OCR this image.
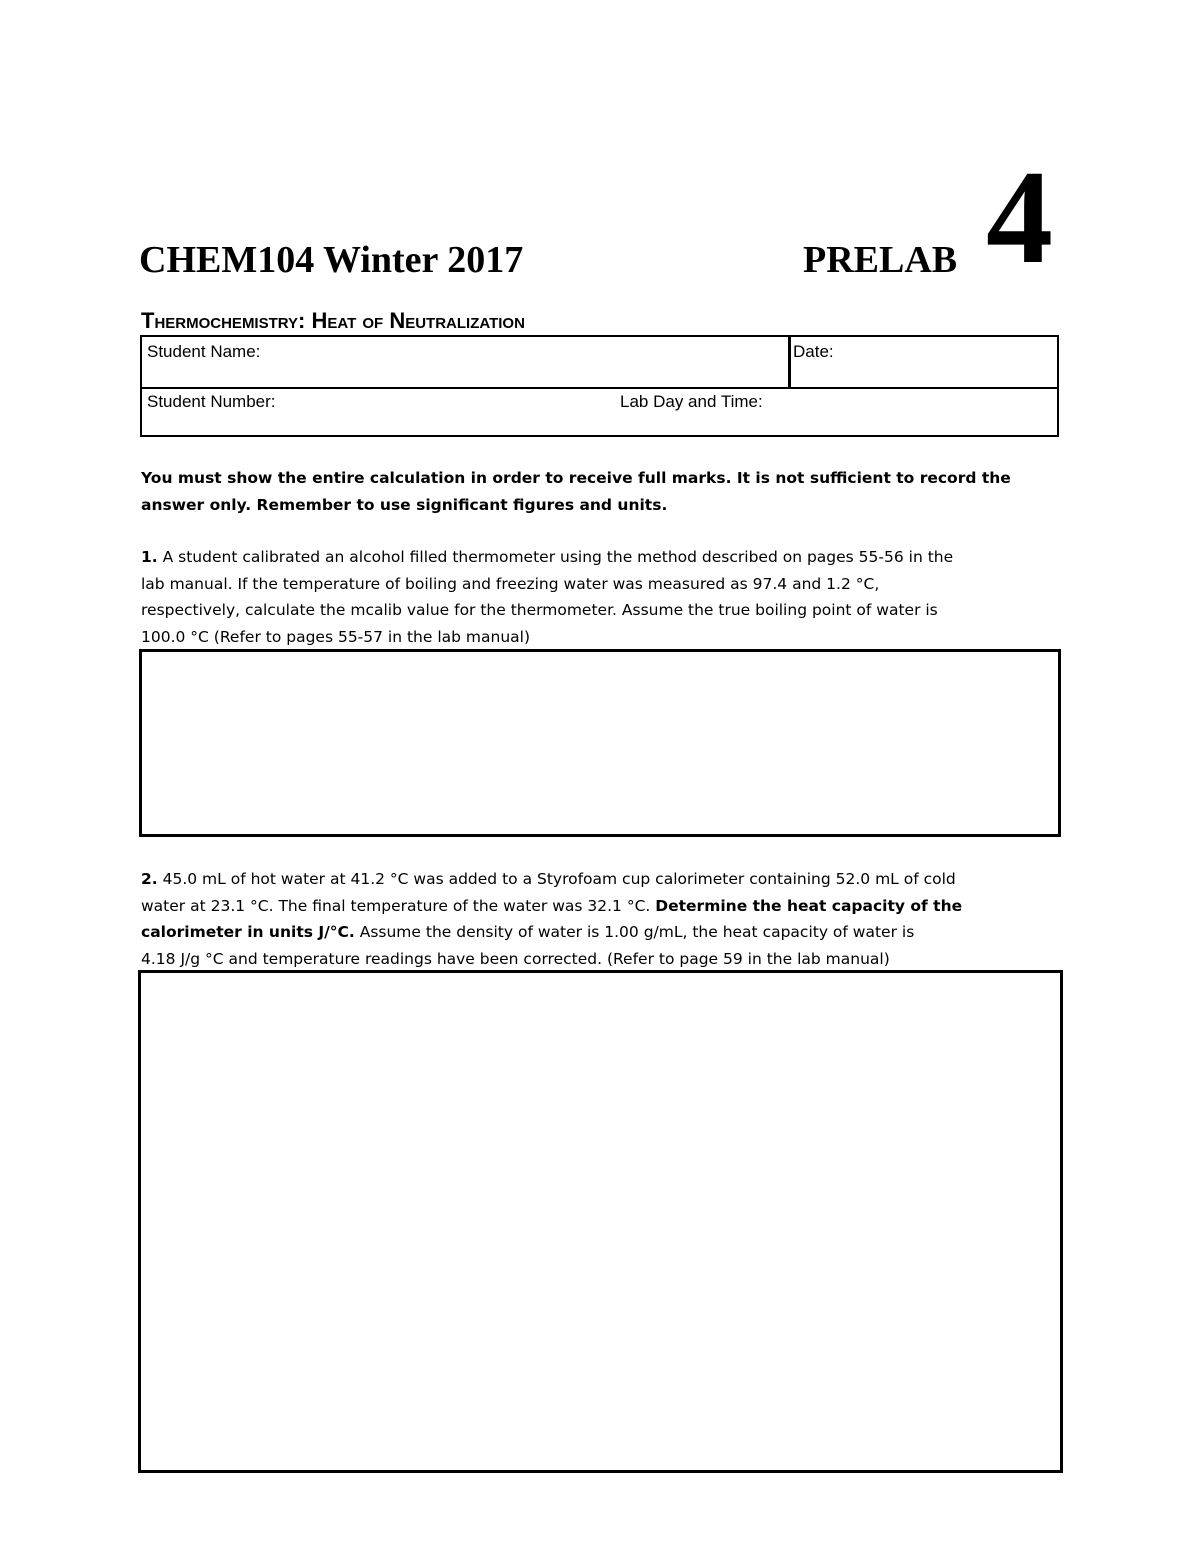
CHEM104 Winter 2017	PRELAB 4
Thermochemistry: Heat of Neutralization
Student Name:	Date:
Student Number:	Lab Day and Time:
You must show the entire calculation in order to receive full marks. It is not sufficient to record the
answer only. Remember to use significant figures and units.
1. A student calibrated an alcohol filled thermometer using the method described on pages 55-56 in the
lab manual. If the temperature of boiling and freezing water was measured as 97.4 and 1.2 °C,
respectively, calculate the mcalib value for the thermometer. Assume the true boiling point of water is
100.0 °C (Refer to pages 55-57 in the lab manual)
2. 45.0 mL of hot water at 41.2 °C was added to a Styrofoam cup calorimeter containing 52.0 mL of cold
water at 23.1 °C. The final temperature of the water was 32.1 °C. Determine the heat capacity of the
calorimeter in units J/°C. Assume the density of water is 1.00 g/mL, the heat capacity of water is
4.18 J/g °C and temperature readings have been corrected. (Refer to page 59 in the lab manual)
